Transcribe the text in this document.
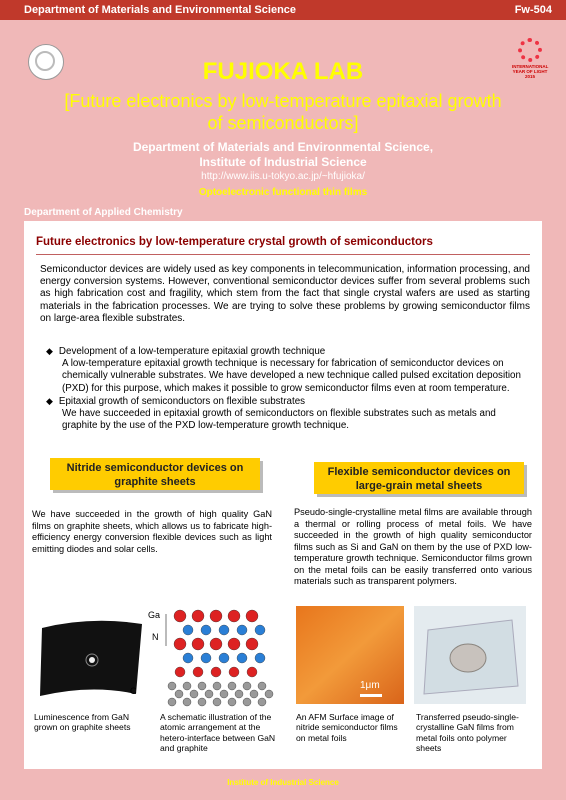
Department of Materials and Environmental Science	Fw-504
INTERNATIONAL YEAR OF LIGHT 2015
FUJIOKA LAB
[Future electronics by low-temperature epitaxial growth of semiconductors]
Department of Materials and Environmental Science,
Institute of Industrial Science
http://www.iis.u-tokyo.ac.jp/~hfujioka/
Optoelectronic functional thin films
Department of Applied Chemistry
Future electronics by low-temperature crystal growth of semiconductors
Semiconductor devices are widely used as key components in telecommunication, information processing, and energy conversion systems. However, conventional semiconductor devices suffer from several problems such as high fabrication cost and fragility, which stem from the fact that single crystal wafers are used as starting materials in the fabrication processes. We are trying to solve these problems by growing semiconductor films on large-area flexible substrates.

◆ Development of a low-temperature epitaxial growth technique

A low-temperature epitaxial growth technique is necessary for fabrication of semiconductor devices on chemically vulnerable substrates. We have developed a new technique called pulsed excitation deposition (PXD) for this purpose, which makes it possible to grow semiconductor films even at room temperature.

◆ Epitaxial growth of semiconductors on flexible substrates

We have succeeded in epitaxial growth of semiconductors on flexible substrates such as metals and graphite by the use of the PXD low-temperature growth technique.

Nitride semiconductor devices on graphite sheets
Flexible semiconductor devices on large-grain metal sheets
We have succeeded in the growth of high quality GaN films on graphite sheets, which allows us to fabricate high-efficiency energy conversion flexible devices such as light emitting diodes and solar cells.
Pseudo-single-crystalline metal films are available through a thermal or rolling process of metal foils. We have succeeded in the growth of high quality semiconductor films such as Si and GaN on them by the use of PXD low-temperature growth technique. Semiconductor films grown on the metal foils can be easily transferred onto various materials such as transparent polymers.
Ga
N
C	1μm
Luminescence from GaN grown on graphite sheets
A schematic illustration of the atomic arrangement at the hetero-interface between GaN and graphite
An AFM Surface image of nitride semiconductor films on metal foils
Transferred pseudo-single-crystalline GaN films from metal foils onto polymer sheets
Institute of Industrial Science
